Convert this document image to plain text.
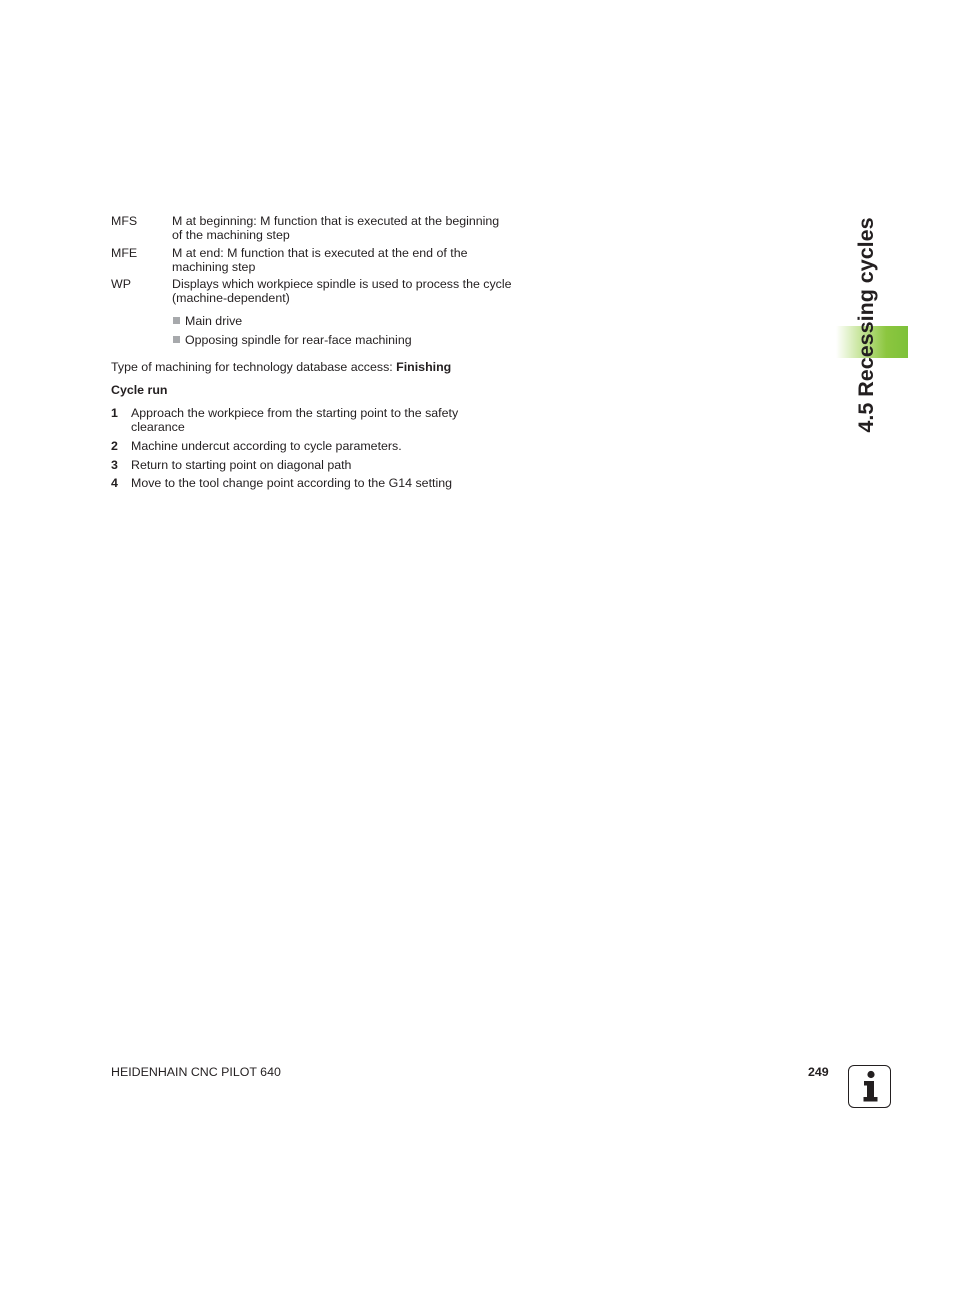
MFS	M at beginning: M function that is executed at the beginning of the machining step
MFE	M at end: M function that is executed at the end of the machining step
WP	Displays which workpiece spindle is used to process the cycle (machine-dependent)
Main drive
Opposing spindle for rear-face machining
Type of machining for technology database access: Finishing
Cycle run
1 Approach the workpiece from the starting point to the safety clearance
2 Machine undercut according to cycle parameters.
3 Return to starting point on diagonal path
4 Move to the tool change point according to the G14 setting
4.5 Recessing cycles
HEIDENHAIN CNC PILOT 640	249
